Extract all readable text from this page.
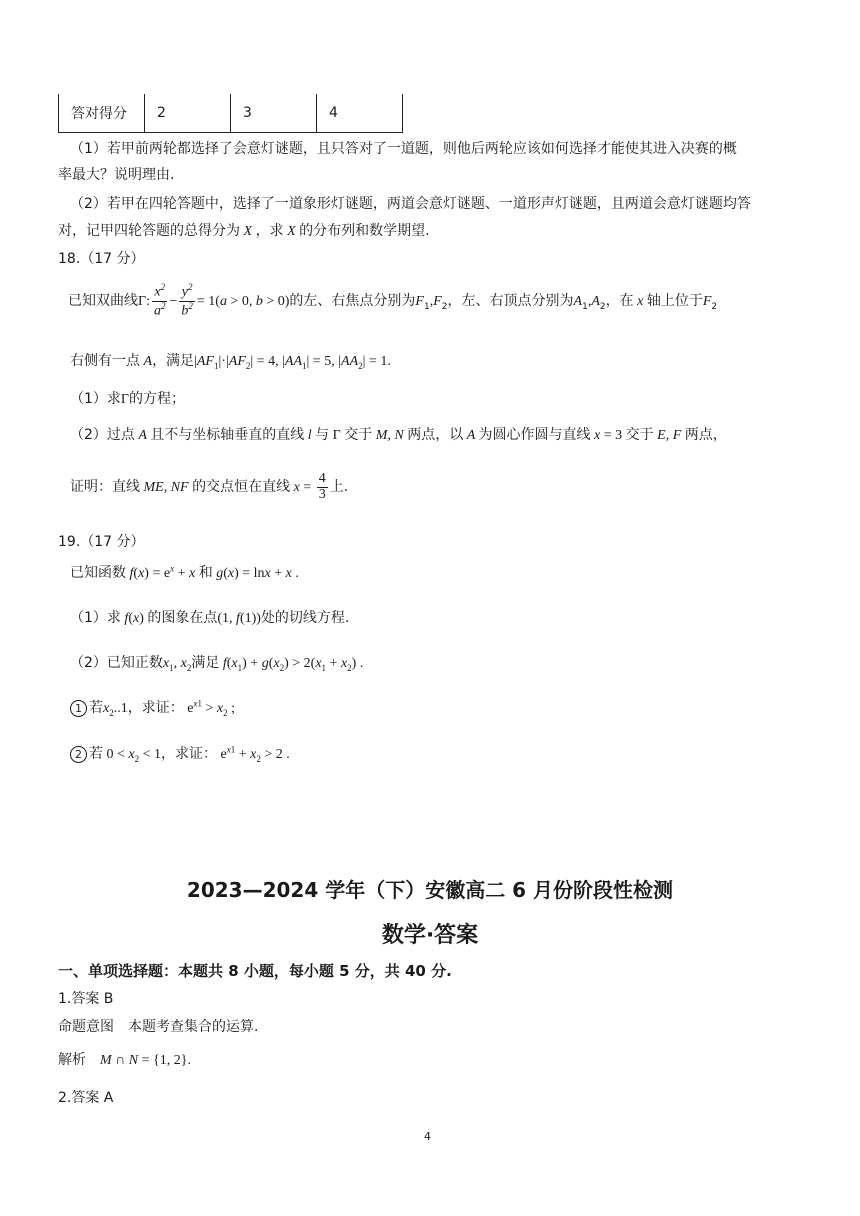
答对得分	2	3	4
（1）若甲前两轮都选择了会意灯谜题，且只答对了一道题，则他后两轮应该如何选择才能使其进入决赛的概
率最大？说明理由.
（2）若甲在四轮答题中，选择了一道象形灯谜题，两道会意灯谜题、一道形声灯谜题，且两道会意灯谜题均答
对，记甲四轮答题的总得分为 X ，求 X 的分布列和数学期望.
18.（17 分）
已知双曲线Γ: $\frac{x^2}{a^2} - \frac{y^2}{b^2} = 1(a > 0$, b > 0)的左、右焦点分别为$F_1,F_2$，左、右顶点分别为$A_1,A_2$，在 x 轴上位于$F_2$
右侧有一点 A，满足$|AF_1|\cdot|AF_2| = 4$, $|AA_1| = 5$, $|AA_2| = 1$.
（1）求Γ的方程；
（2）过点 A 且不与坐标轴垂直的直线 l 与 Γ 交于 M, N 两点，以 A 为圆心作圆与直线 x = 3 交于 E, F 两点，
证明：直线 ME, NF 的交点恒在直线 $x = \frac{4}{3}$ 上.
19.（17 分）
已知函数 $f(x) = e^x + x$ 和 g(x) = lnx + x .
（1）求 f(x) 的图象在点(1, f(1))处的切线方程.
（2）已知正数$x_1$, $x_2$满足 $f(x_1) + g(x_2) > 2(x_1 + x_2)$ .
1 若$x_2..1$，求证： $e^{x1} > x_2$ ;
2 若 $0 < x_2 < 1$，求证： $e^{x1} + x_2 > 2$ .
2023—2024 学年（下）安徽高二 6 月份阶段性检测
数学·答案
一、单项选择题：本题共 8 小题，每小题 5 分，共 40 分.
1.答案 B
命题意图　本题考查集合的运算.
解析 M ∩ N = {1, 2}.
2.答案 A
4
